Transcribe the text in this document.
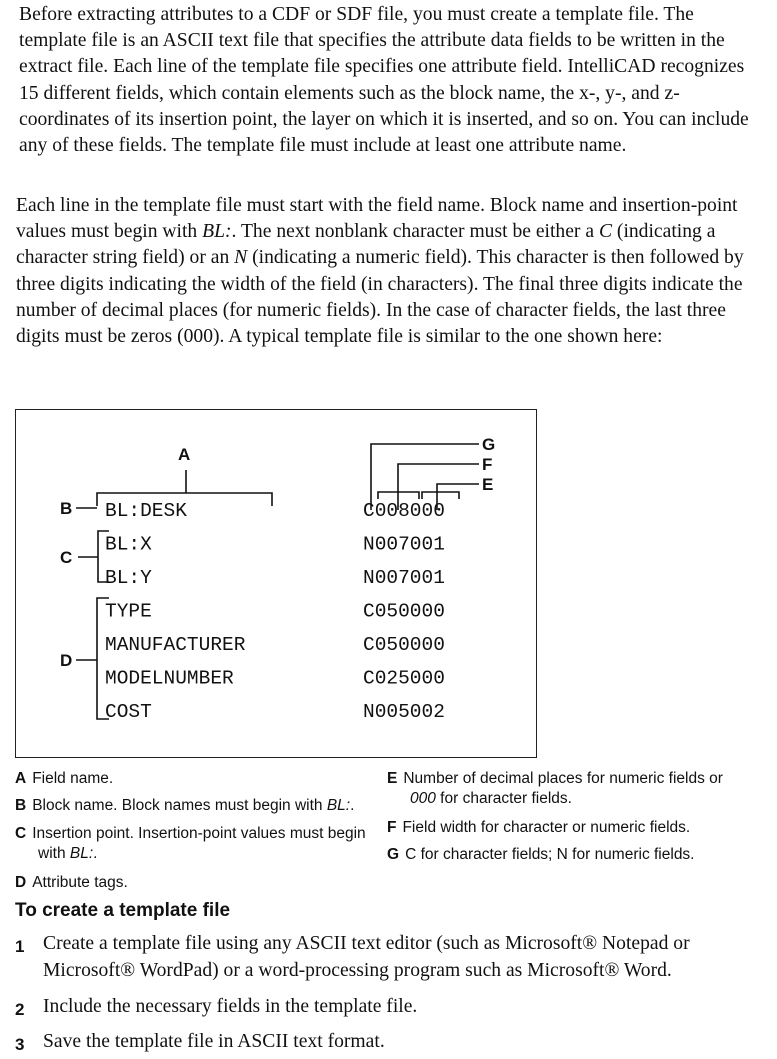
Before extracting attributes to a CDF or SDF file, you must create a template file. The template file is an ASCII text file that specifies the attribute data fields to be written in the extract file. Each line of the template file specifies one attribute field. IntelliCAD recognizes 15 different fields, which contain elements such as the block name, the x-, y-, and z-coordinates of its insertion point, the layer on which it is inserted, and so on. You can include any of these fields. The template file must include at least one attribute name.

Each line in the template file must start with the field name. Block name and insertion-point values must begin with BL:. The next nonblank character must be either a C (indicating a character string field) or an N (indicating a numeric field). This character is then followed by three digits indicating the width of the field (in characters). The final three digits indicate the number of decimal places (for numeric fields). In the case of character fields, the last three digits must be zeros (000). A typical template file is similar to the one shown here:

A
B
C
D
G
F
E
BL:DESK	C008000
BL:X	N007001
BL:Y	N007001
TYPE	C050000
MANUFACTURER	C050000
MODELNUMBER	C025000
COST	N005002
A Field name.
B Block name. Block names must begin with BL:.
C Insertion point. Insertion-point values must begin
with BL:.
D Attribute tags.
E Number of decimal places for numeric fields or
000 for character fields.
F Field width for character or numeric fields.
G C for character fields; N for numeric fields.
To create a template file
1 Create a template file using any ASCII text editor (such as Microsoft® Notepad or
Microsoft® WordPad) or a word-processing program such as Microsoft® Word.
2 Include the necessary fields in the template file.
3 Save the template file in ASCII text format.
